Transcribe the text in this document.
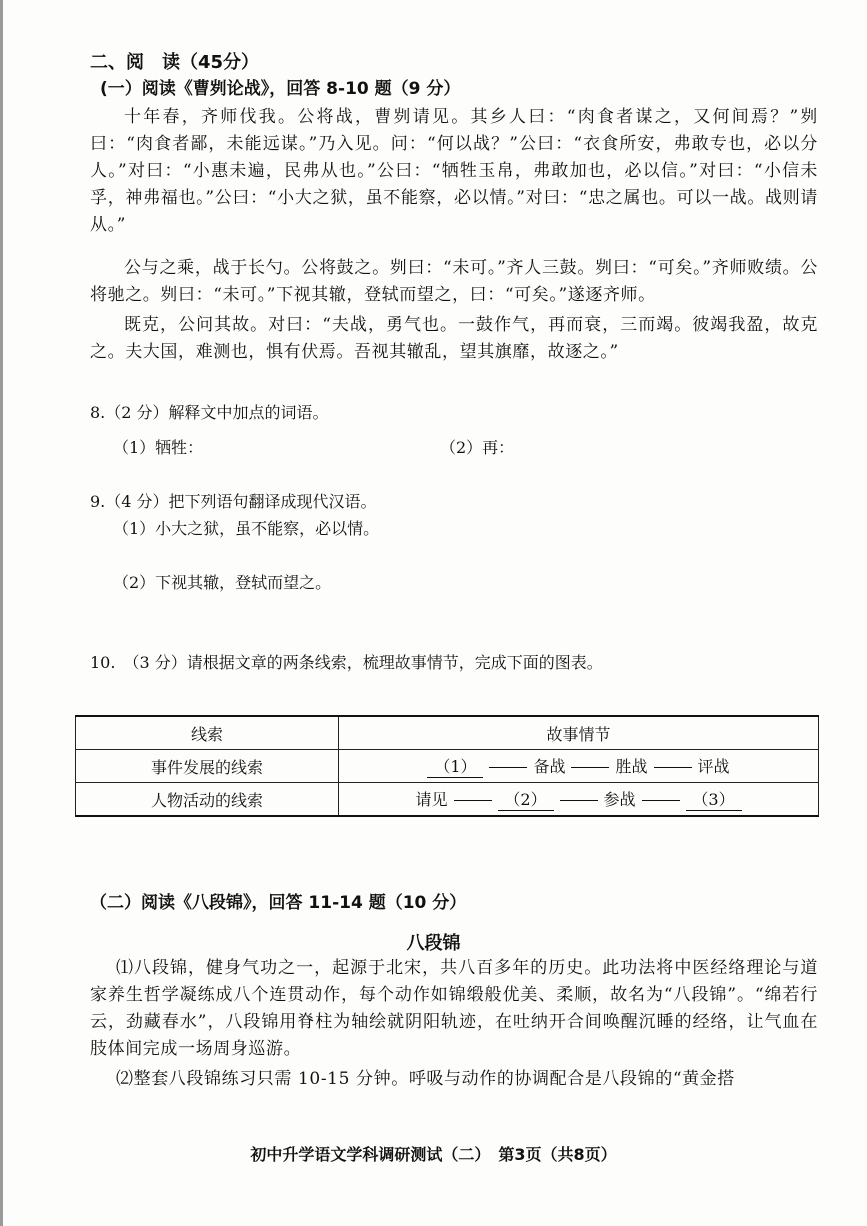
二、阅　读（45分）
(一）阅读《曹刿论战》，回答 8-10 题（9 分）
十年春，齐师伐我。公将战，曹刿请见。其乡人曰：“肉食者谋之，又何间焉？”刿曰：“肉食者鄙，未能远谋。”乃入见。问：“何以战？”公曰：“衣食所安，弗敢专也，必以分人。”对曰：“小惠未遍，民弗从也。”公曰：“牺牲玉帛，弗敢加也，必以信。”对曰：“小信未孚，神弗福也。”公曰：“小大之狱，虽不能察，必以情。”对曰：“忠之属也。可以一战。战则请从。”
公与之乘，战于长勺。公将鼓之。刿曰：“未可。”齐人三鼓。刿曰：“可矣。”齐师败绩。公将驰之。刿曰：“未可。”下视其辙，登轼而望之，曰：“可矣。”遂逐齐师。
既克，公问其故。对曰：“夫战，勇气也。一鼓作气，再而衰，三而竭。彼竭我盈，故克之。夫大国，难测也，惧有伏焉。吾视其辙乱，望其旗靡，故逐之。”
8.（2 分）解释文中加点的词语。
（1）牺牲：	（2）再：
9.（4 分）把下列语句翻译成现代汉语。
（1）小大之狱，虽不能察，必以情。
（2）下视其辙，登轼而望之。
10.　（3 分）请根据文章的两条线索，梳理故事情节，完成下面的图表。
线索	故事情节
事件发展的线索	（1） 备战 胜战 评战
人物活动的线索	请见 （2） 参战 （3）
（二）阅读《八段锦》，回答 11-14 题（10 分）
八段锦
⑴八段锦，健身气功之一，起源于北宋，共八百多年的历史。此功法将中医经络理论与道家养生哲学凝练成八个连贯动作，每个动作如锦缎般优美、柔顺，故名为“八段锦”。“绵若行云，劲藏春水”，八段锦用脊柱为轴绘就阴阳轨迹，在吐纳开合间唤醒沉睡的经络，让气血在肢体间完成一场周身巡游。
⑵整套八段锦练习只需 10-15 分钟。呼吸与动作的协调配合是八段锦的“黄金搭
初中升学语文学科调研测试（二）　第3页（共8页）
